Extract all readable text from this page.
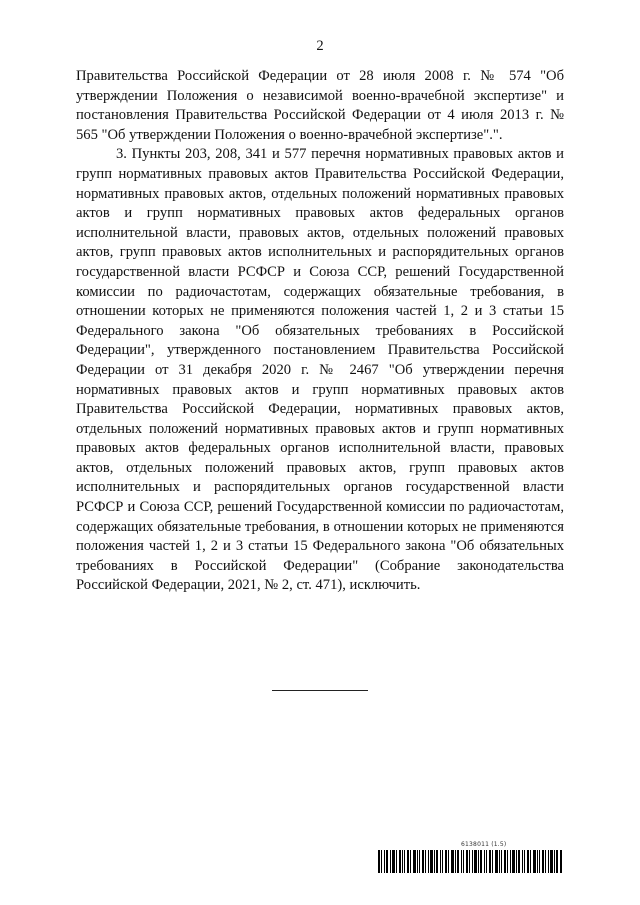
2

Правительства Российской Федерации от 28 июля 2008 г. № 574 "Об утверждении Положения о независимой военно-врачебной экспертизе" и постановления Правительства Российской Федерации от 4 июля 2013 г. № 565 "Об утверждении Положения о военно-врачебной экспертизе".".

3. Пункты 203, 208, 341 и 577 перечня нормативных правовых актов и групп нормативных правовых актов Правительства Российской Федерации, нормативных правовых актов, отдельных положений нормативных правовых актов и групп нормативных правовых актов федеральных органов исполнительной власти, правовых актов, отдельных положений правовых актов, групп правовых актов исполнительных и распорядительных органов государственной власти РСФСР и Союза ССР, решений Государственной комиссии по радиочастотам, содержащих обязательные требования, в отношении которых не применяются положения частей 1, 2 и 3 статьи 15 Федерального закона "Об обязательных требованиях в Российской Федерации", утвержденного постановлением Правительства Российской Федерации от 31 декабря 2020 г. № 2467 "Об утверждении перечня нормативных правовых актов и групп нормативных правовых актов Правительства Российской Федерации, нормативных правовых актов, отдельных положений нормативных правовых актов и групп нормативных правовых актов федеральных органов исполнительной власти, правовых актов, отдельных положений правовых актов, групп правовых актов исполнительных и распорядительных органов государственной власти РСФСР и Союза ССР, решений Государственной комиссии по радиочастотам, содержащих обязательные требования, в отношении которых не применяются положения частей 1, 2 и 3 статьи 15 Федерального закона "Об обязательных требованиях в Российской Федерации" (Собрание законодательства Российской Федерации, 2021, № 2, ст. 471), исключить.

6138011 (1.5)
